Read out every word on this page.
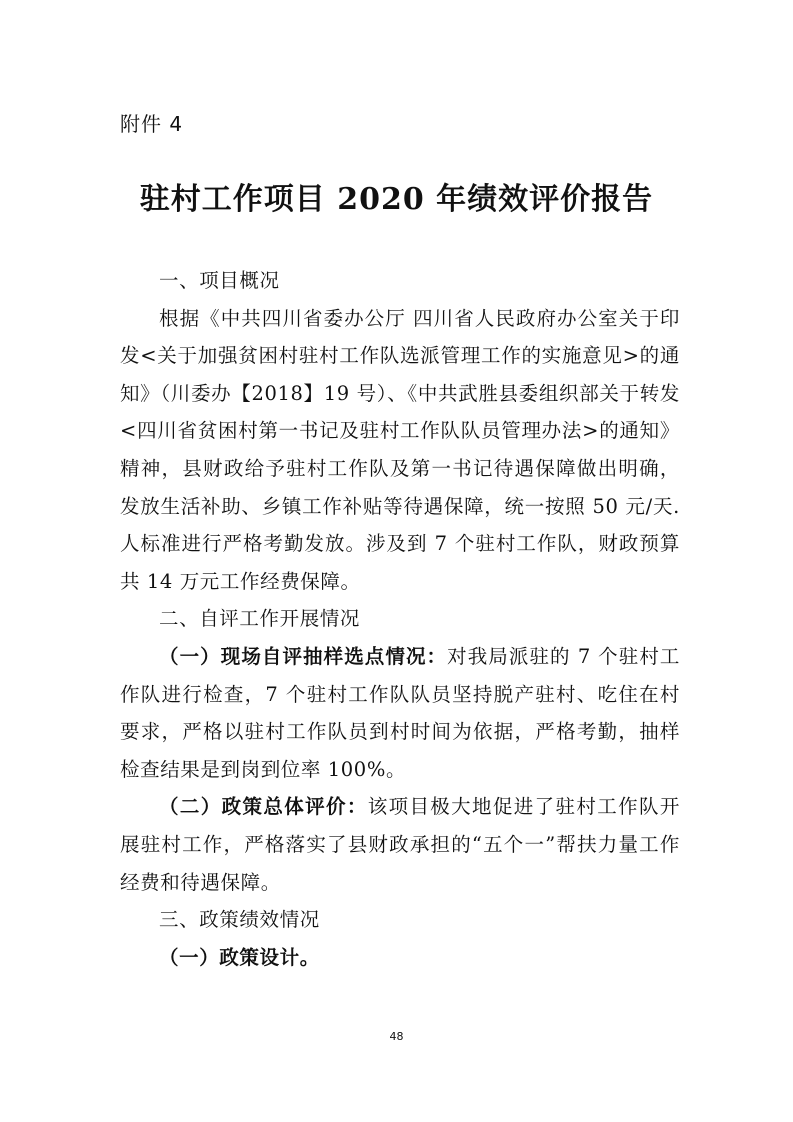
附件 4
驻村工作项目 2020 年绩效评价报告

一、项目概况

根据《中共四川省委办公厅 四川省人民政府办公室关于印发<关于加强贫困村驻村工作队选派管理工作的实施意见>的通知》（川委办【2018】19 号）、《中共武胜县委组织部关于转发<四川省贫困村第一书记及驻村工作队队员管理办法>的通知》精神，县财政给予驻村工作队及第一书记待遇保障做出明确，发放生活补助、乡镇工作补贴等待遇保障，统一按照 50 元/天.人标准进行严格考勤发放。涉及到 7 个驻村工作队，财政预算共 14 万元工作经费保障。

二、自评工作开展情况

（一）现场自评抽样选点情况：对我局派驻的 7 个驻村工作队进行检查，7 个驻村工作队队员坚持脱产驻村、吃住在村要求，严格以驻村工作队员到村时间为依据，严格考勤，抽样检查结果是到岗到位率 100%。

（二）政策总体评价：该项目极大地促进了驻村工作队开展驻村工作，严格落实了县财政承担的“五个一”帮扶力量工作经费和待遇保障。

三、政策绩效情况

（一）政策设计。

48
